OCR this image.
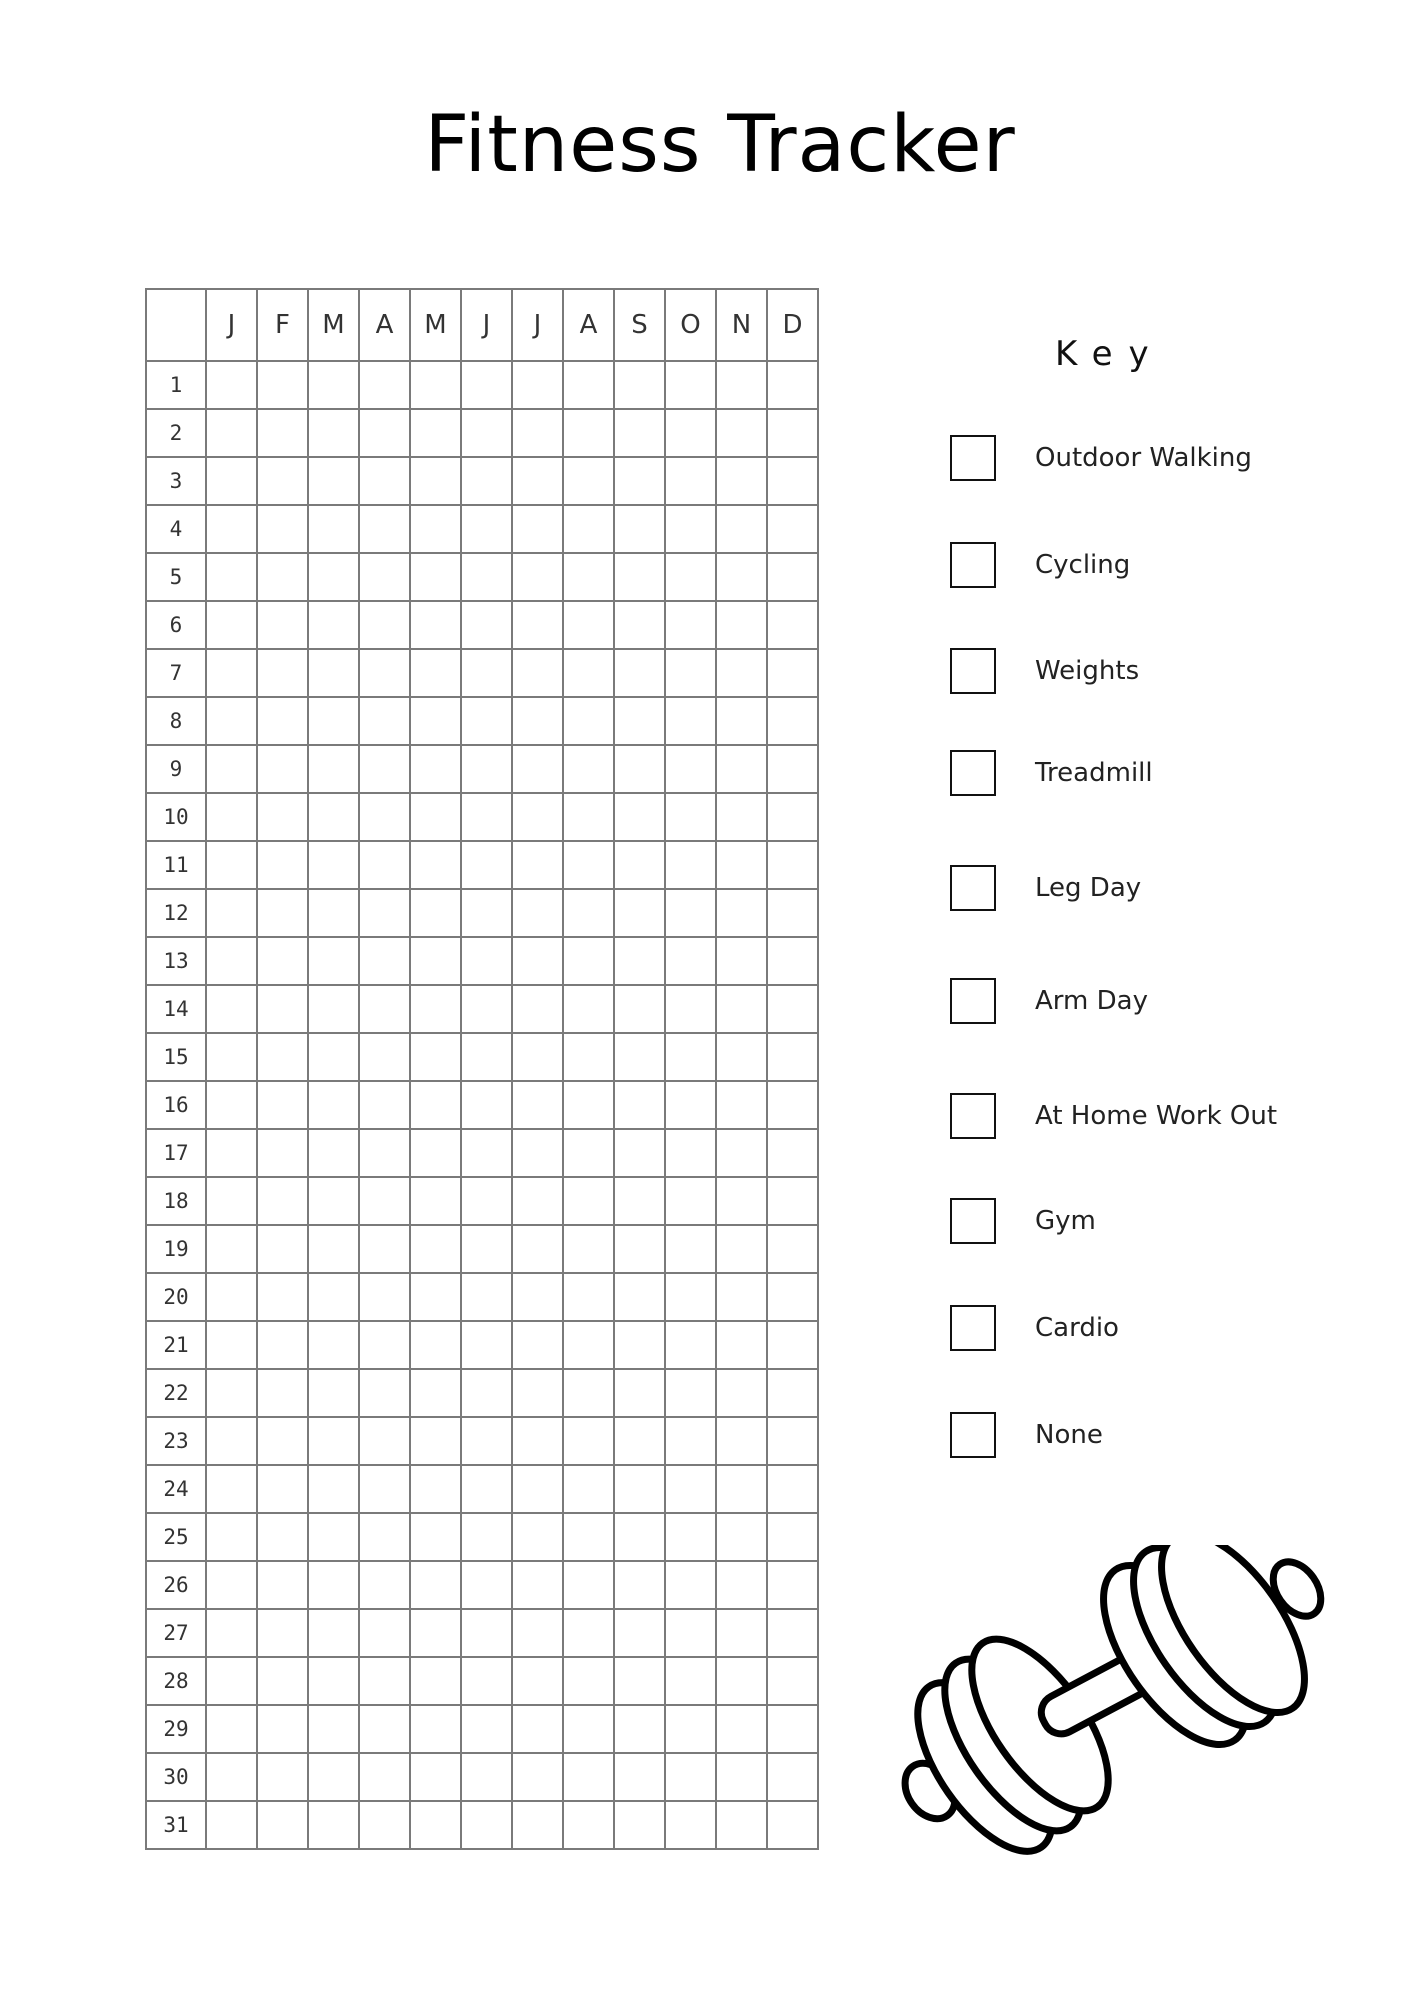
Fitness Tracker
	J	F	M	A	M	J	J	A	S	O	N	D
1												
2												
3												
4												
5												
6												
7												
8												
9												
10												
11												
12												
13												
14												
15												
16												
17												
18												
19												
20												
21												
22												
23												
24												
25												
26												
27												
28												
29												
30												
31												
Key
Outdoor Walking
Cycling
Weights
Treadmill
Leg Day
Arm Day
At Home Work Out
Gym
Cardio
None
